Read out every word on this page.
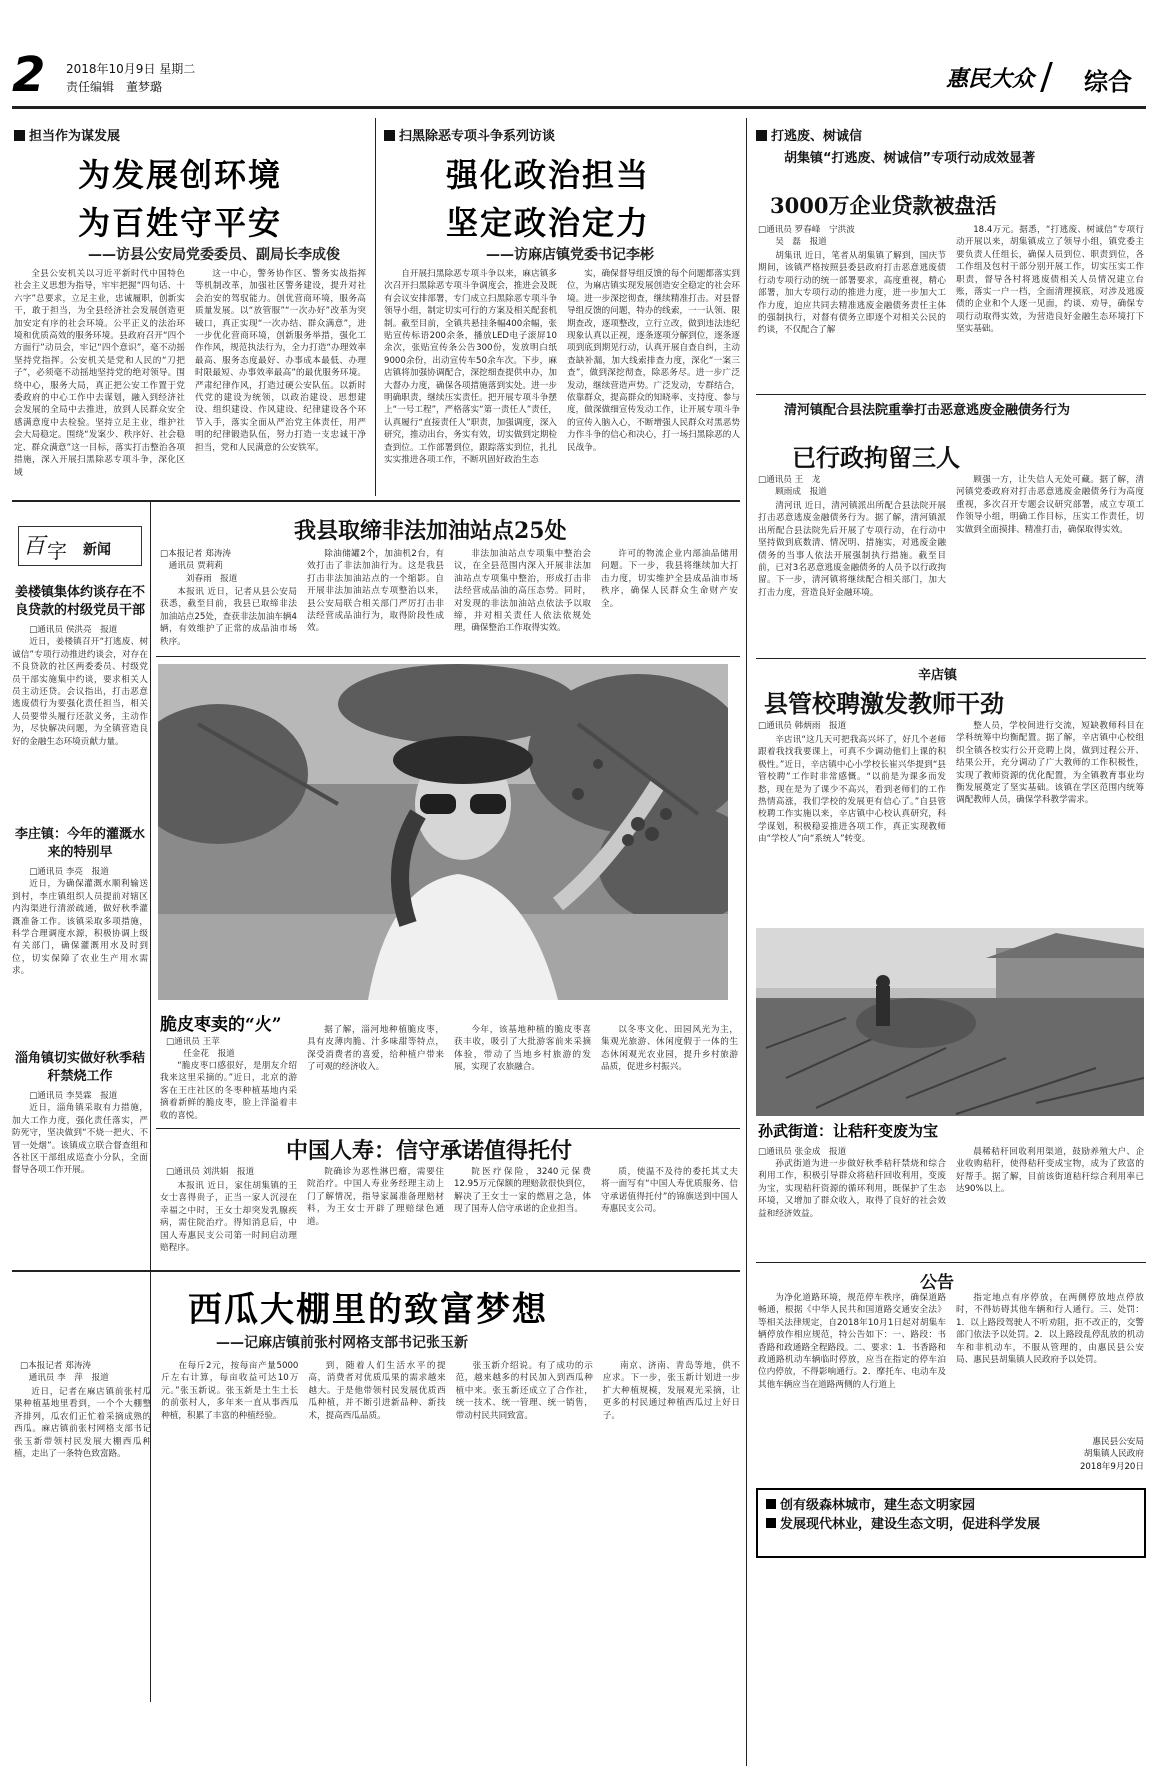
2 2018年10月9日 星期二
责任编辑　董梦璐	惠民大众 综合
担当作为谋发展
为发展创环境
为百姓守平安
——访县公安局党委委员、副局长李成俊
全县公安机关以习近平新时代中国特色社会主义思想为指导，牢牢把握“四句话、十六字”总要求，立足主业，忠诚履职，创新实干，敢于担当，为全县经济社会发展创造更加安定有序的社会环境。公平正义的法治环境和优质高效的服务环境。县政府召开“四个方面行”动员会，牢记“四个意识”，毫不动摇坚持党指挥。公安机关是党和人民的“刀把子”，必须毫不动摇地坚持党的绝对领导。围绕中心，服务大局，真正把公安工作置于党委政府的中心工作中去谋划，融入到经济社会发展的全局中去推进，放到人民群众安全感满意度中去检验。坚持立足主业，维护社会大局稳定。围绕“发案少、秩序好、社会稳定、群众满意”这一目标，落实打击整治各项措施，深入开展扫黑除恶专项斗争，深化区域
这一中心，警务协作区、警务实战指挥等机制改革，加强社区警务建设，提升对社会治安的驾驭能力。创优营商环境，服务高质量发展。以“放管服”“一次办好”改革为突破口，真正实现“一次办结、群众满意”，进一步优化营商环境，创新服务举措，强化工作作风，规范执法行为，全力打造“办理效率最高、服务态度最好、办事成本最低、办理时限最短、办事效率最高”的最优服务环境。严肃纪律作风，打造过硬公安队伍。以新时代党的建设为统领，以政治建设、思想建设、组织建设、作风建设、纪律建设各个环节入手，落实全面从严治党主体责任，用严明的纪律锻造队伍，努力打造一支忠诚干净担当，党和人民满意的公安铁军。
扫黑除恶专项斗争系列访谈
强化政治担当
坚定政治定力
——访麻店镇党委书记李彬
自开展扫黑除恶专项斗争以来，麻店镇多次召开扫黑除恶专项斗争调度会，推进会及既有会议安排部署，专门成立扫黑除恶专项斗争领导小组，制定切实可行的方案及相关配套机制。截至目前，全镇共悬挂条幅400余幅，张贴宣传标语200余条，播放LED电子滚屏10余次，张贴宣传条公告300份，发放明白纸9000余份，出动宣传车50余车次。下步，麻店镇将加强协调配合，深挖细查提供申办，加大督办力度，确保各项措施落到实处。进一步明确职责，继续压实责任。把开展专项斗争摆上“一号工程”，严格落实“第一责任人”责任，认真履行“直接责任人”职责，加强调度，深入研究，推动出台，务实有效，切实做到定期检查到位。工作部署到位，跟踪落实到位，扎扎实实推进各项工作，不断巩固好政治生态
实，确保督导组反馈的每个问题都落实到位，为麻店镇实现发展创造安全稳定的社会环境。进一步深挖彻查，继续精准打击。对县督导组反馈的问题，特办的线索，一一认领、限期查改，逐项整改，立行立改，做到违法违纪现象认真以正视，逐条逐项分解到位，逐条逐项到底到期见行动，认真开展自查自纠，主动查缺补漏，加大线索排查力度，深化“一案三查”，做到深挖彻查，除恶务尽。进一步广泛发动，继续营造声势。广泛发动，专群结合，依靠群众，提高群众的知晓率、支持度、参与度，做深做细宣传发动工作，让开展专项斗争的宣传入脑入心，不断增强人民群众对黑恶势力作斗争的信心和决心，打一场扫黑除恶的人民战争。
打逃废、树诚信
胡集镇“打逃废、树诚信”专项行动成效显著
3000万企业贷款被盘活
□通讯员 罗春峰　宁洪波
　　吴　磊　报道
胡集讯 近日，笔者从胡集镇了解到，国庆节期间，该镇严格按照县委县政府打击恶意逃废债行动专项行动的统一部署要求，高度重视，精心部署，加大专项行动的推进力度，进一步加大工作力度，迫应共同去精准逃废金融债务责任主体的强制执行，对督有债务立即逐个对相关公民的约谈，不仅配合了解
18.4万元。据悉，“打逃废、树诚信”专项行动开展以来，胡集镇成立了领导小组，镇党委主要负责人任组长，确保人员到位、职责到位，各工作组及包村干部分别开展工作，切实压实工作职责，督导各村将逃废债相关人员情况建立台账，落实一户一档，全面清理摸底，对涉及逃废债的企业和个人逐一见面，约谈、劝导，确保专项行动取得实效，为营造良好金融生态环境打下坚实基础。
清河镇配合县法院重拳打击恶意逃废金融债务行为
已行政拘留三人
□通讯员 王　龙
　　顾雨成　报道
清河讯 近日，清河镇派出所配合县法院开展打击恶意逃废金融债务行为。据了解，清河镇派出所配合县法院先后开展了专项行动，在行动中坚持做到底数清、情况明、措施实，对逃废金融债务的当事人依法开展强制执行措施。截至目前，已对3名恶意逃废金融债务的人员予以行政拘留。下一步，清河镇将继续配合相关部门，加大打击力度，营造良好金融环境。
顾强一方，让失信人无处可藏。据了解，清河镇党委政府对打击恶意逃废金融债务行为高度重视，多次召开专题会议研究部署，成立专项工作领导小组，明确工作目标，压实工作责任，切实做到全面摸排、精准打击，确保取得实效。
辛店镇
县管校聘激发教师干劲
□通讯员 韩炳雨　报道
辛店讯“这几天可把我高兴坏了，好几个老师跟着我找我要课上，可真不少调动他们上课的积极性。”近日，辛店镇中心小学校长崔兴华提到“县管校聘”工作时非常感慨。“以前是为课多而发愁，现在是为了课少不高兴，看到老师们的工作热情高涨，我们学校的发展更有信心了。”自县管校聘工作实施以来，辛店镇中心校认真研究，科学谋划，积极稳妥推进各项工作，真正实现教师由“学校人”向“系统人”转变。
整人员，学校间进行交流，短缺教师科目在学科统筹中均衡配置。据了解，辛店镇中心校组织全镇各校实行公开竞聘上岗，做到过程公开、结果公开，充分调动了广大教师的工作积极性，实现了教师资源的优化配置，为全镇教育事业均衡发展奠定了坚实基础。该镇在学区范围内统筹调配教师人员，确保学科教学需求。
孙武街道：让秸秆变废为宝
□通讯员 张金成　报道
孙武街道为进一步做好秋季秸秆禁烧和综合利用工作，积极引导群众将秸秆回收利用，变废为宝，实现秸秆资源的循环利用，既保护了生态环境，又增加了群众收入，取得了良好的社会效益和经济效益。
晨稀秸秆回收利用渠道，鼓励养殖大户、企业收购秸秆，使得秸秆变成宝物，成为了致富的好帮手。据了解，目前该街道秸秆综合利用率已达90%以上。
公告
为净化道路环境，规范停车秩序，确保道路畅通，根据《中华人民共和国道路交通安全法》等相关法律规定，自2018年10月1日起对胡集车辆停放作相应规范，特公告如下：一、路段：书香路和政通路全程路段。二、要求：1．书香路和政通路机动车辆临时停放，应当在指定的停车泊位内停放，不得影响通行。2．摩托车、电动车及其他车辆应当在道路两侧的人行道上
指定地点有序停放，在两侧停放地点停放时，不得妨碍其他车辆和行人通行。三、处罚：1．以上路段驾驶人不听劝阻，拒不改正的，交警部门依法予以处罚。2．以上路段乱停乱放的机动车和非机动车，不服从管理的，由惠民县公安局、惠民县胡集镇人民政府予以处罚。
惠民县公安局
胡集镇人民政府
2018年9月20日
创有级森林城市，建生态文明家园
发展现代林业，建设生态文明，促进科学发展
百 字 新闻
姜楼镇集体约谈存在不良贷款的村级党员干部
□通讯员 侯洪亮　报道
近日，姜楼镇召开“打逃废、树诚信”专项行动推进约谈会，对存在不良贷款的社区两委委员、村级党员干部实施集中约谈，要求相关人员主动还贷。会议指出，打击恶意逃废债行为要强化责任担当，相关人员要带头履行还款义务，主动作为，尽快解决问题，为全镇营造良好的金融生态环境贡献力量。
李庄镇：今年的灌溉水来的特别早
□通讯员 李亮　报道
近日，为确保灌溉水顺利输送到村，李庄镇组织人员提前对辖区内沟渠进行清淤疏通，做好秋季灌溉准备工作。该镇采取多项措施，科学合理调度水源，积极协调上级有关部门，确保灌溉用水及时到位，切实保障了农业生产用水需求。
淄角镇切实做好秋季秸秆禁烧工作
□通讯员 李昊霖　报道
近日，淄角镇采取有力措施，加大工作力度，强化责任落实，严防死守，坚决做到“不烧一把火、不冒一处烟”。该镇成立联合督查组和各社区干部组成巡查小分队，全面督导各项工作开展。
我县取缔非法加油站点25处
□本报记者 郑涛涛
　通讯员 贾莉莉
　　　刘春雨　报道
本报讯 近日，记者从县公安局获悉，截至目前，我县已取缔非法加油站点25处，查获非法加油车辆4辆，有效维护了正常的成品油市场秩序。
除油储罐2个，加油机2台，有效打击了非法加油行为。这是我县打击非法加油站点的一个缩影。自开展非法加油站点专项整治以来，县公安局联合相关部门严厉打击非法经营成品油行为，取得阶段性成效。
非法加油站点专项集中整治会议，在全县范围内深入开展非法加油站点专项集中整治，形成打击非法经营成品油的高压态势。同时，对发现的非法加油站点依法予以取缔，并对相关责任人依法依规处理，确保整治工作取得实效。
许可的物流企业内部油品储用问题。下一步，我县将继续加大打击力度，切实维护全县成品油市场秩序，确保人民群众生命财产安全。
脆皮枣卖的“火”
□通讯员 王苹
　　任金花　报道
“脆皮枣口感很好，是朋友介绍我来这里采摘的。”近日，北京的游客在王庄社区的冬枣种植基地内采摘着新鲜的脆皮枣，脸上洋溢着丰收的喜悦。
据了解，淄河地种植脆皮枣，具有皮薄肉脆、汁多味甜等特点，深受消费者的喜爱，给种植户带来了可观的经济收入。
今年，该基地种植的脆皮枣喜获丰收，吸引了大批游客前来采摘体验，带动了当地乡村旅游的发展，实现了农旅融合。
以冬枣文化、田园风光为主，集观光旅游、休闲度假于一体的生态休闲观光农业园，提升乡村旅游品质，促进乡村振兴。
中国人寿：信守承诺值得托付
□通讯员 刘洪娟　报道
本报讯 近日，家住胡集镇的王女士喜得贵子，正当一家人沉浸在幸福之中时，王女士却突发乳腺疾病，需住院治疗。得知消息后，中国人寿惠民支公司第一时间启动理赔程序。
院确诊为恶性淋巴瘤，需要住院治疗。中国人寿业务经理主动上门了解情况，指导家属准备理赔材料，为王女士开辟了理赔绿色通道。
院医疗保险，3240元保费12.95万元保额的理赔款很快到位，解决了王女士一家的燃眉之急，体现了国寿人信守承诺的企业担当。
质，使温不及待的委托其丈夫将一面写有“中国人寿优质服务、信守承诺值得托付”的锦旗送到中国人寿惠民支公司。
西瓜大棚里的致富梦想
——记麻店镇前张村网格支部书记张玉新
□本报记者 郑涛涛
　通讯员 李　萍　报道
近日，记者在麻店镇前张村瓜果种植基地里看到，一个个大棚整齐排列，瓜农们正忙着采摘成熟的西瓜。麻店镇前张村网格支部书记张玉新带领村民发展大棚西瓜种植，走出了一条特色致富路。
在每斤2元，按每亩产量5000斤左右计算，每亩收益可达10万元。”张玉新说。张玉新是土生土长的前张村人，多年来一直从事西瓜种植，积累了丰富的种植经验。
到，随着人们生活水平的提高，消费者对优质瓜果的需求越来越大。于是他带领村民发展优质西瓜种植，并不断引进新品种、新技术，提高西瓜品质。
张玉新介绍说。有了成功的示范，越来越多的村民加入到西瓜种植中来。张玉新还成立了合作社，统一技术、统一管理、统一销售，带动村民共同致富。
南京、济南、青岛等地，供不应求。下一步，张玉新计划进一步扩大种植规模，发展观光采摘，让更多的村民通过种植西瓜过上好日子。
